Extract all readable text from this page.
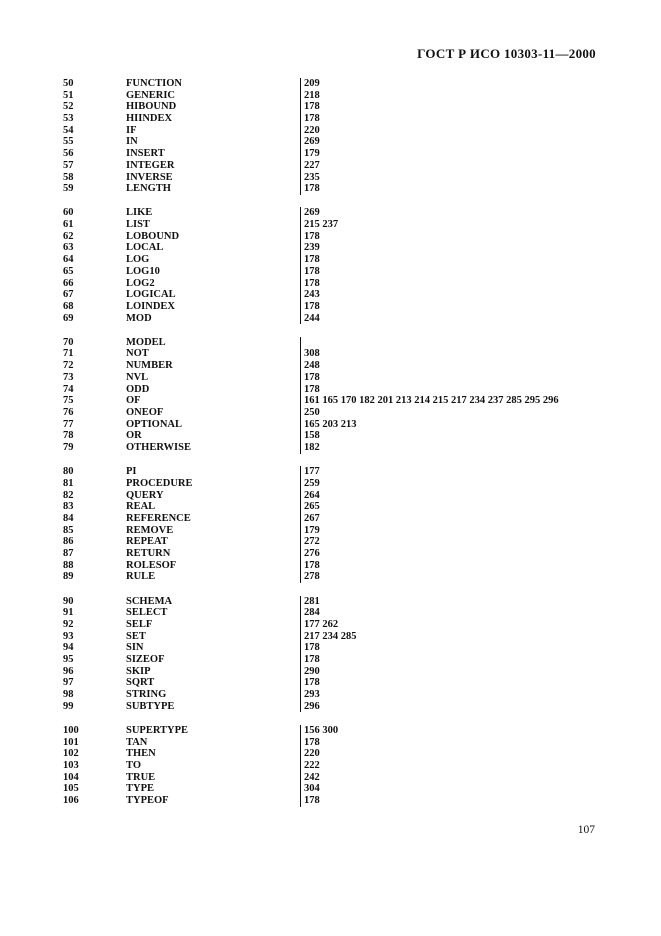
ГОСТ Р ИСО 10303-11—2000
50	FUNCTION	209
51	GENERIC	218
52	HIBOUND	178
53	HIINDEX	178
54	IF	220
55	IN	269
56	INSERT	179
57	INTEGER	227
58	INVERSE	235
59	LENGTH	178
60	LIKE	269
61	LIST	215 237
62	LOBOUND	178
63	LOCAL	239
64	LOG	178
65	LOG10	178
66	LOG2	178
67	LOGICAL	243
68	LOINDEX	178
69	MOD	244
70	MODEL
71	NOT	308
72	NUMBER	248
73	NVL	178
74	ODD	178
75	OF	161 165 170 182 201 213 214 215 217 234 237 285 295 296
76	ONEOF	250
77	OPTIONAL	165 203 213
78	OR	158
79	OTHERWISE	182
80	PI	177
81	PROCEDURE	259
82	QUERY	264
83	REAL	265
84	REFERENCE	267
85	REMOVE	179
86	REPEAT	272
87	RETURN	276
88	ROLESOF	178
89	RULE	278
90	SCHEMA	281
91	SELECT	284
92	SELF	177 262
93	SET	217 234 285
94	SIN	178
95	SIZEOF	178
96	SKIP	290
97	SQRT	178
98	STRING	293
99	SUBTYPE	296
100	SUPERTYPE	156 300
101	TAN	178
102	THEN	220
103	TO	222
104	TRUE	242
105	TYPE	304
106	TYPEOF	178
107
